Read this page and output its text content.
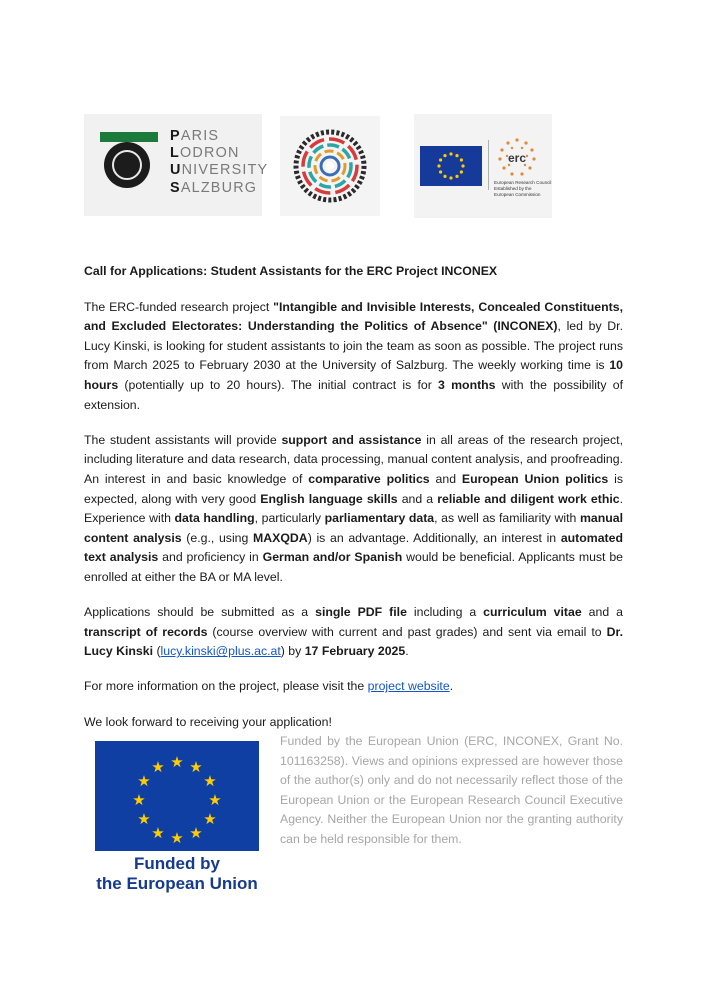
PARIS
LODRON
UNIVERSITY
SALZBURG
erc
European Research Council
Established by the European Commission

Call for Applications: Student Assistants for the ERC Project INCONEX

The ERC-funded research project "Intangible and Invisible Interests, Concealed Constituents, and Excluded Electorates: Understanding the Politics of Absence" (INCONEX), led by Dr. Lucy Kinski, is looking for student assistants to join the team as soon as possible. The project runs from March 2025 to February 2030 at the University of Salzburg. The weekly working time is 10 hours (potentially up to 20 hours). The initial contract is for 3 months with the possibility of extension.

The student assistants will provide support and assistance in all areas of the research project, including literature and data research, data processing, manual content analysis, and proofreading. An interest in and basic knowledge of comparative politics and European Union politics is expected, along with very good English language skills and a reliable and diligent work ethic. Experience with data handling, particularly parliamentary data, as well as familiarity with manual content analysis (e.g., using MAXQDA) is an advantage. Additionally, an interest in automated text analysis and proficiency in German and/or Spanish would be beneficial. Applicants must be enrolled at either the BA or MA level.

Applications should be submitted as a single PDF file including a curriculum vitae and a transcript of records (course overview with current and past grades) and sent via email to Dr. Lucy Kinski (lucy.kinski@plus.ac.at) by 17 February 2025.

For more information on the project, please visit the project website.

We look forward to receiving your application!

★ ★
★
★
★
★
★
★
★
★
★
★
Funded by
the European Union

Funded by the European Union (ERC, INCONEX, Grant No. 101163258). Views and opinions expressed are however those of the author(s) only and do not necessarily reflect those of the European Union or the European Research Council Executive Agency. Neither the European Union nor the granting authority can be held responsible for them.
